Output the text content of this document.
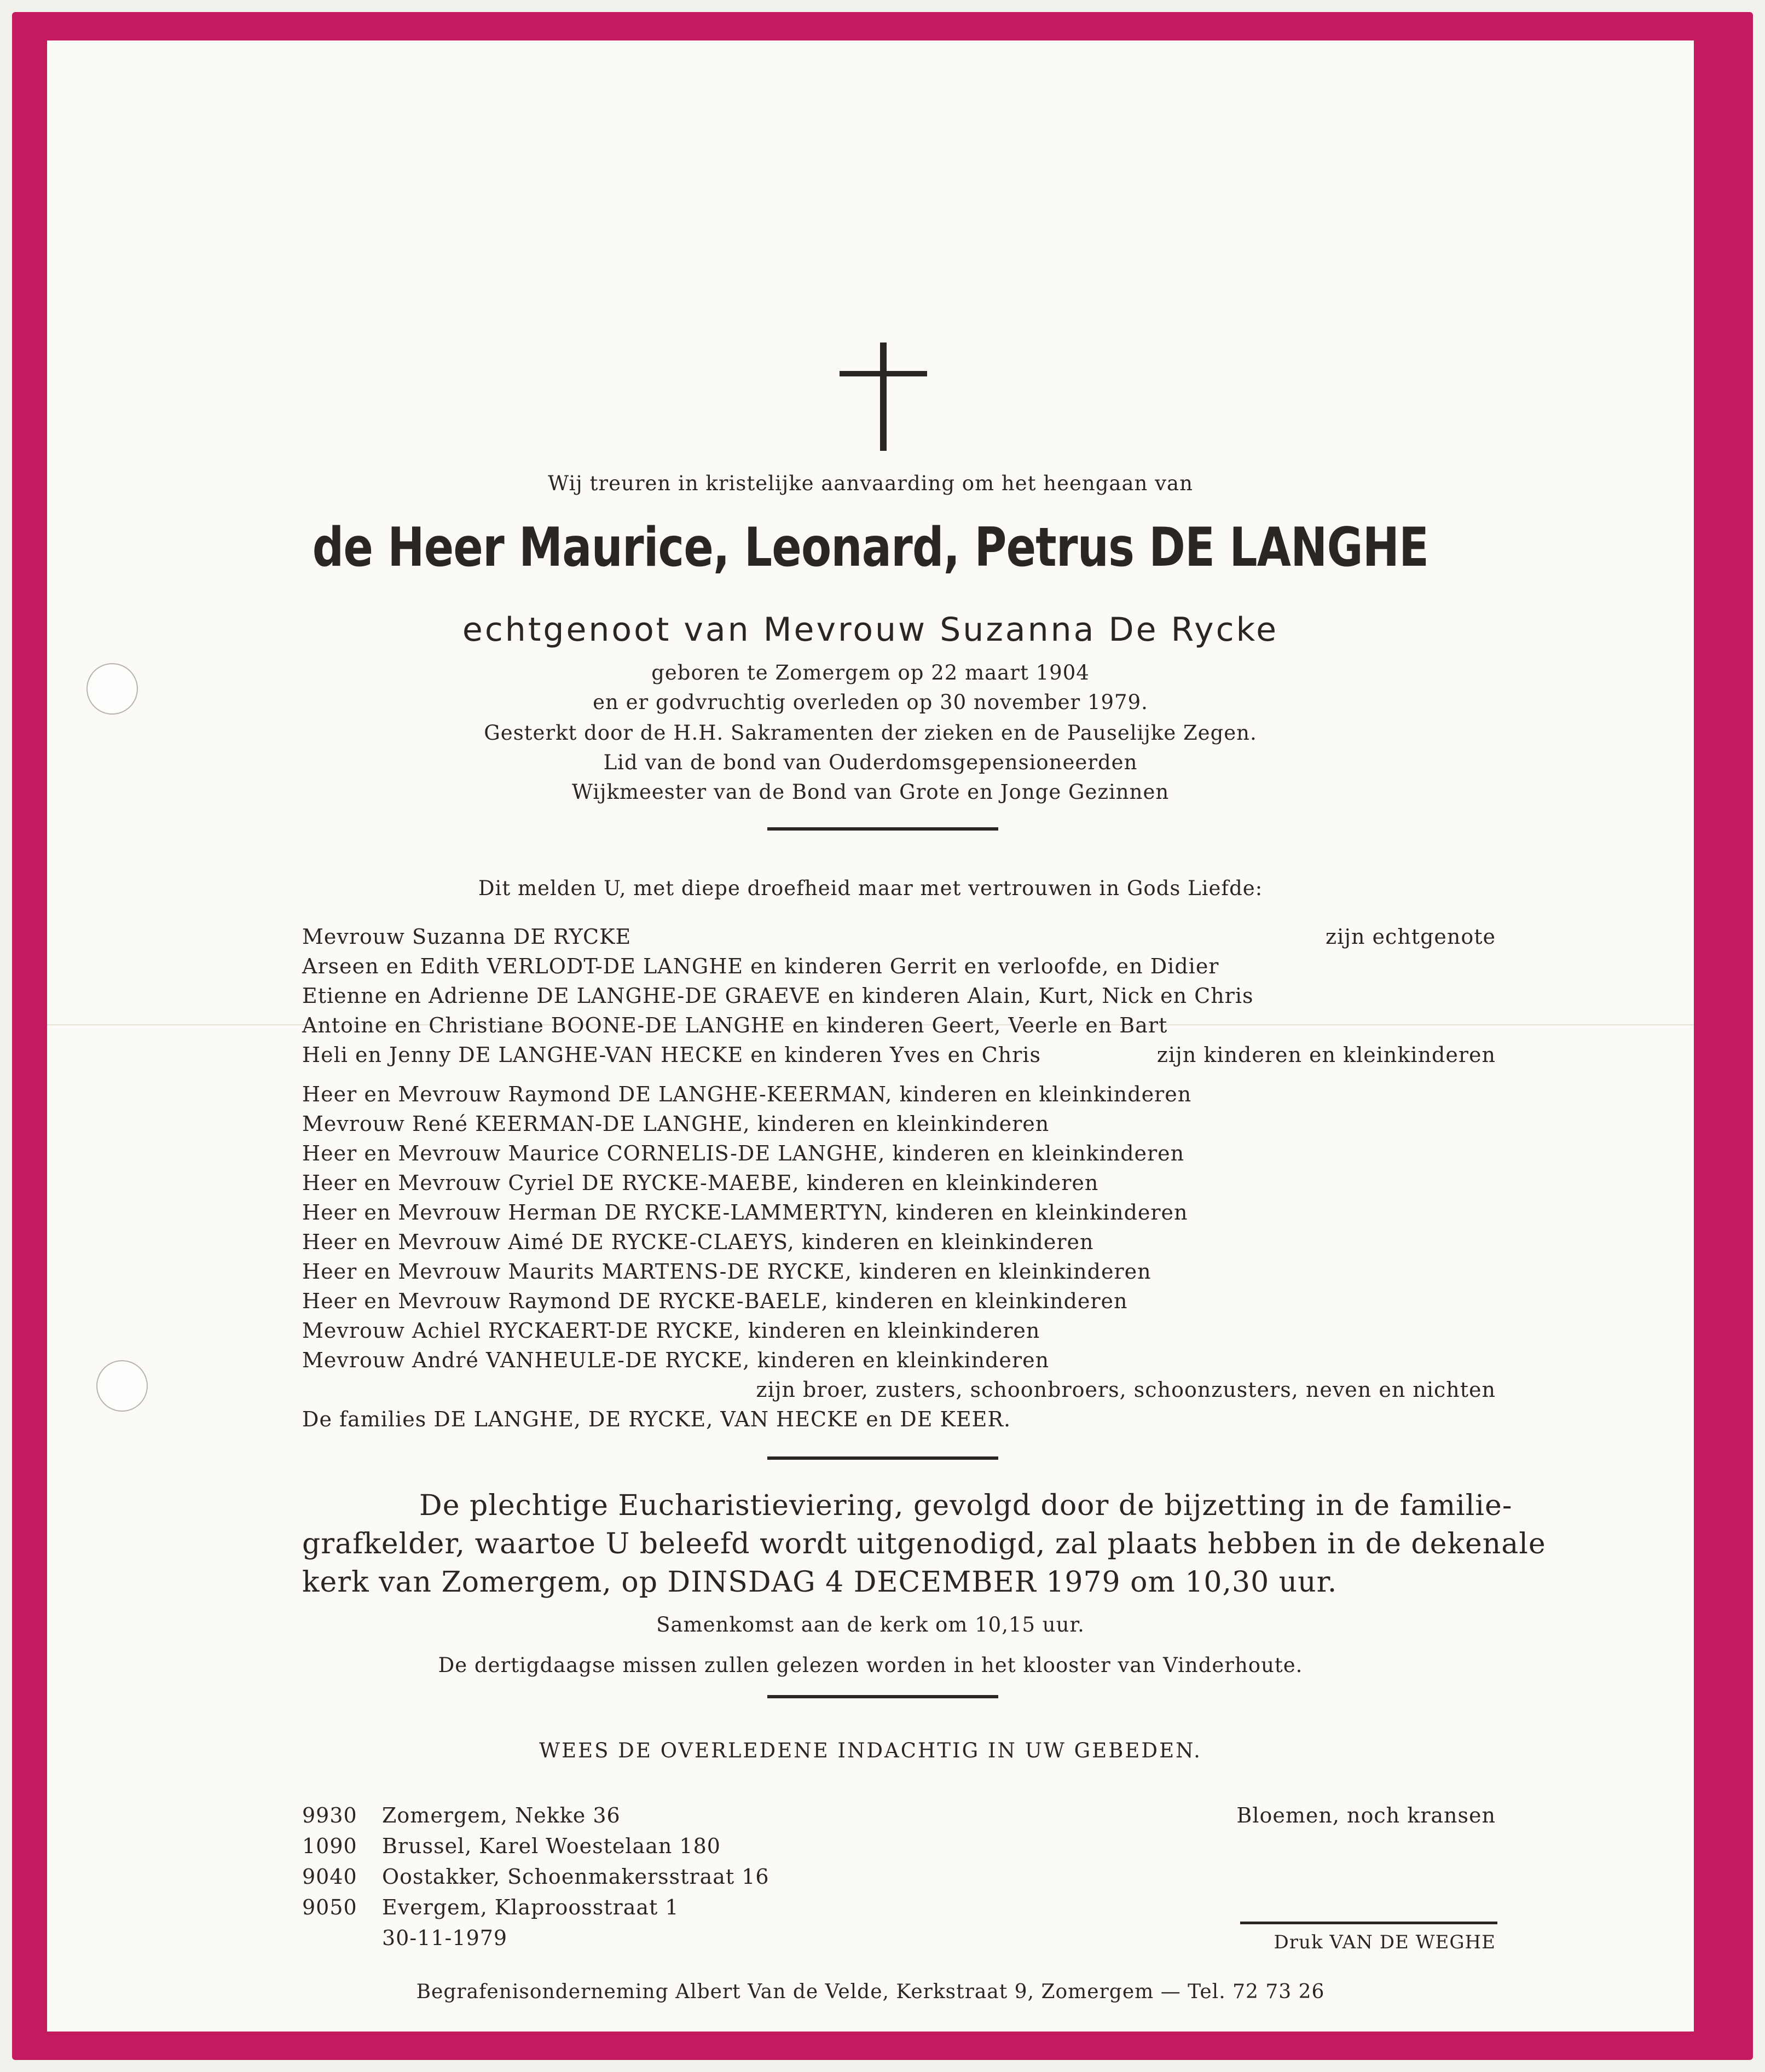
Wij treuren in kristelijke aanvaarding om het heengaan van
de Heer Maurice, Leonard, Petrus DE LANGHE
echtgenoot van Mevrouw Suzanna De Rycke
geboren te Zomergem op 22 maart 1904
en er godvruchtig overleden op 30 november 1979.
Gesterkt door de H.H. Sakramenten der zieken en de Pauselijke Zegen.
Lid van de bond van Ouderdomsgepensioneerden
Wijkmeester van de Bond van Grote en Jonge Gezinnen
Dit melden U, met diepe droefheid maar met vertrouwen in Gods Liefde:
Mevrouw Suzanna DE RYCKE	zijn echtgenote
Arseen en Edith VERLODT-DE LANGHE en kinderen Gerrit en verloofde, en Didier
Etienne en Adrienne DE LANGHE-DE GRAEVE en kinderen Alain, Kurt, Nick en Chris
Antoine en Christiane BOONE-DE LANGHE en kinderen Geert, Veerle en Bart
Heli en Jenny DE LANGHE-VAN HECKE en kinderen Yves en Chris	zijn kinderen en kleinkinderen
Heer en Mevrouw Raymond DE LANGHE-KEERMAN, kinderen en kleinkinderen
Mevrouw René KEERMAN-DE LANGHE, kinderen en kleinkinderen
Heer en Mevrouw Maurice CORNELIS-DE LANGHE, kinderen en kleinkinderen
Heer en Mevrouw Cyriel DE RYCKE-MAEBE, kinderen en kleinkinderen
Heer en Mevrouw Herman DE RYCKE-LAMMERTYN, kinderen en kleinkinderen
Heer en Mevrouw Aimé DE RYCKE-CLAEYS, kinderen en kleinkinderen
Heer en Mevrouw Maurits MARTENS-DE RYCKE, kinderen en kleinkinderen
Heer en Mevrouw Raymond DE RYCKE-BAELE, kinderen en kleinkinderen
Mevrouw Achiel RYCKAERT-DE RYCKE, kinderen en kleinkinderen
Mevrouw André VANHEULE-DE RYCKE, kinderen en kleinkinderen
zijn broer, zusters, schoonbroers, schoonzusters, neven en nichten
De families DE LANGHE, DE RYCKE, VAN HECKE en DE KEER.
De plechtige Eucharistieviering, gevolgd door de bijzetting in de familie-
grafkelder, waartoe U beleefd wordt uitgenodigd, zal plaats hebben in de dekenale
kerk van Zomergem, op DINSDAG 4 DECEMBER 1979 om 10,30 uur.
Samenkomst aan de kerk om 10,15 uur.
De dertigdaagse missen zullen gelezen worden in het klooster van Vinderhoute.
WEES DE OVERLEDENE INDACHTIG IN UW GEBEDEN.
9930 Zomergem, Nekke 36
1090 Brussel, Karel Woestelaan 180
9040 Oostakker, Schoenmakersstraat 16
9050 Evergem, Klaproosstraat 1
30-11-1979
Bloemen, noch kransen
Druk VAN DE WEGHE
Begrafenisonderneming Albert Van de Velde, Kerkstraat 9, Zomergem — Tel. 72 73 26
